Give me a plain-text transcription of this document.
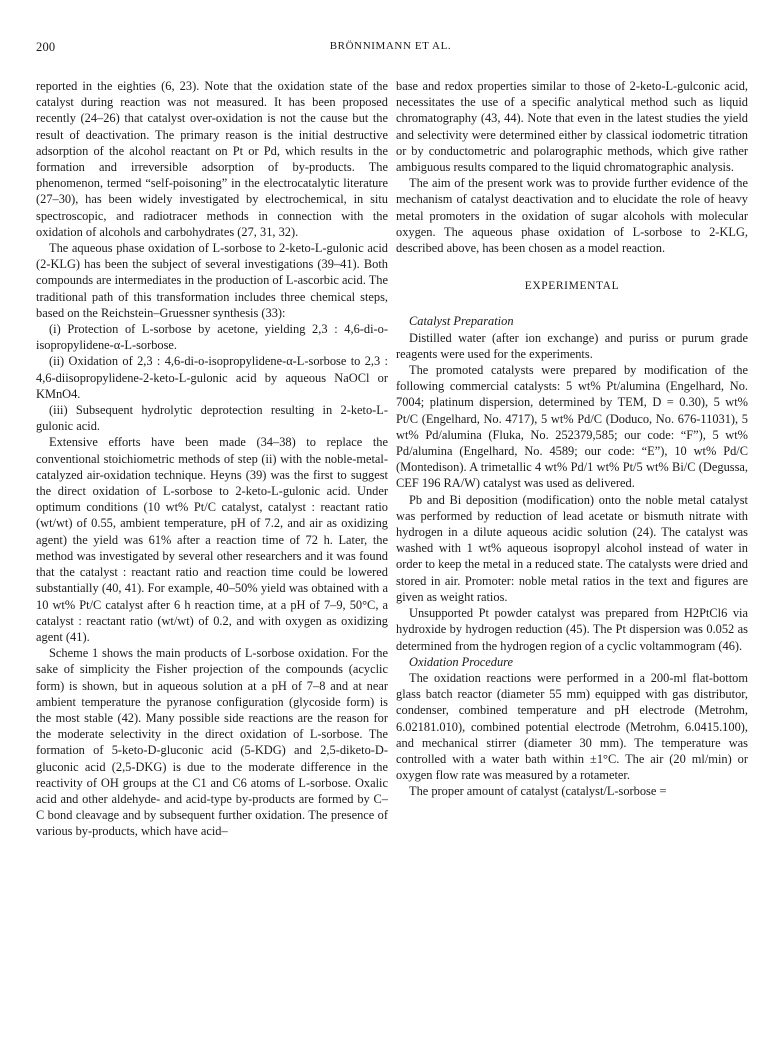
200	BRÖNNIMANN ET AL.

reported in the eighties (6, 23). Note that the oxidation state of the catalyst during reaction was not measured. It has been proposed recently (24–26) that catalyst over-oxidation is not the cause but the result of deactivation. The primary reason is the initial destructive adsorption of the alcohol reactant on Pt or Pd, which results in the formation and irreversible adsorption of by-products. The phenomenon, termed “self-poisoning” in the electrocatalytic literature (27–30), has been widely investigated by electrochemical, in situ spectroscopic, and radiotracer methods in connection with the oxidation of alcohols and carbohydrates (27, 31, 32).

The aqueous phase oxidation of L-sorbose to 2-keto-L-gulonic acid (2-KLG) has been the subject of several investigations (39–41). Both compounds are intermediates in the production of L-ascorbic acid. The traditional path of this transformation includes three chemical steps, based on the Reichstein–Gruessner synthesis (33):

(i) Protection of L-sorbose by acetone, yielding 2,3 : 4,6-di-o-isopropylidene-α-L-sorbose.

(ii) Oxidation of 2,3 : 4,6-di-o-isopropylidene-α-L-sorbose to 2,3 : 4,6-diisopropylidene-2-keto-L-gulonic acid by aqueous NaOCl or KMnO4.

(iii) Subsequent hydrolytic deprotection resulting in 2-keto-L-gulonic acid.

Extensive efforts have been made (34–38) to replace the conventional stoichiometric methods of step (ii) with the noble-metal-catalyzed air-oxidation technique. Heyns (39) was the first to suggest the direct oxidation of L-sorbose to 2-keto-L-gulonic acid. Under optimum conditions (10 wt% Pt/C catalyst, catalyst : reactant ratio (wt/wt) of 0.55, ambient temperature, pH of 7.2, and air as oxidizing agent) the yield was 61% after a reaction time of 72 h. Later, the method was investigated by several other researchers and it was found that the catalyst : reactant ratio and reaction time could be lowered substantially (40, 41). For example, 40–50% yield was obtained with a 10 wt% Pt/C catalyst after 6 h reaction time, at a pH of 7–9, 50°C, a catalyst : reactant ratio (wt/wt) of 0.2, and with oxygen as oxidizing agent (41).

Scheme 1 shows the main products of L-sorbose oxidation. For the sake of simplicity the Fisher projection of the compounds (acyclic form) is shown, but in aqueous solution at a pH of 7–8 and at near ambient temperature the pyranose configuration (glycoside form) is the most stable (42). Many possible side reactions are the reason for the moderate selectivity in the direct oxidation of L-sorbose. The formation of 5-keto-D-gluconic acid (5-KDG) and 2,5-diketo-D-gluconic acid (2,5-DKG) is due to the moderate difference in the reactivity of OH groups at the C1 and C6 atoms of L-sorbose. Oxalic acid and other aldehyde- and acid-type by-products are formed by C–C bond cleavage and by subsequent further oxidation. The presence of various by-products, which have acid–

base and redox properties similar to those of 2-keto-L-gulconic acid, necessitates the use of a specific analytical method such as liquid chromatography (43, 44). Note that even in the latest studies the yield and selectivity were determined either by classical iodometric titration or by conductometric and polarographic methods, which give rather ambiguous results compared to the liquid chromatographic analysis.

The aim of the present work was to provide further evidence of the mechanism of catalyst deactivation and to elucidate the role of heavy metal promoters in the oxidation of sugar alcohols with molecular oxygen. The aqueous phase oxidation of L-sorbose to 2-KLG, described above, has been chosen as a model reaction.

EXPERIMENTAL

Catalyst Preparation

Distilled water (after ion exchange) and puriss or purum grade reagents were used for the experiments.

The promoted catalysts were prepared by modification of the following commercial catalysts: 5 wt% Pt/alumina (Engelhard, No. 7004; platinum dispersion, determined by TEM, D = 0.30), 5 wt% Pt/C (Engelhard, No. 4717), 5 wt% Pd/C (Doduco, No. 676-11031), 5 wt% Pd/alumina (Fluka, No. 252379,585; our code: “F”), 5 wt% Pd/alumina (Engelhard, No. 4589; our code: “E”), 10 wt% Pd/C (Montedison). A trimetallic 4 wt% Pd/1 wt% Pt/5 wt% Bi/C (Degussa, CEF 196 RA/W) catalyst was used as delivered.

Pb and Bi deposition (modification) onto the noble metal catalyst was performed by reduction of lead acetate or bismuth nitrate with hydrogen in a dilute aqueous acidic solution (24). The catalyst was washed with 1 wt% aqueous isopropyl alcohol instead of water in order to keep the metal in a reduced state. The catalysts were dried and stored in air. Promoter: noble metal ratios in the text and figures are given as weight ratios.

Unsupported Pt powder catalyst was prepared from H2PtCl6 via hydroxide by hydrogen reduction (45). The Pt dispersion was 0.052 as determined from the hydrogen region of a cyclic voltammogram (46).

Oxidation Procedure

The oxidation reactions were performed in a 200-ml flat-bottom glass batch reactor (diameter 55 mm) equipped with gas distributor, condenser, combined temperature and pH electrode (Metrohm, 6.02181.010), combined potential electrode (Metrohm, 6.0415.100), and mechanical stirrer (diameter 30 mm). The temperature was controlled with a water bath within ±1°C. The air (20 ml/min) or oxygen flow rate was measured by a rotameter.

The proper amount of catalyst (catalyst/L-sorbose =
